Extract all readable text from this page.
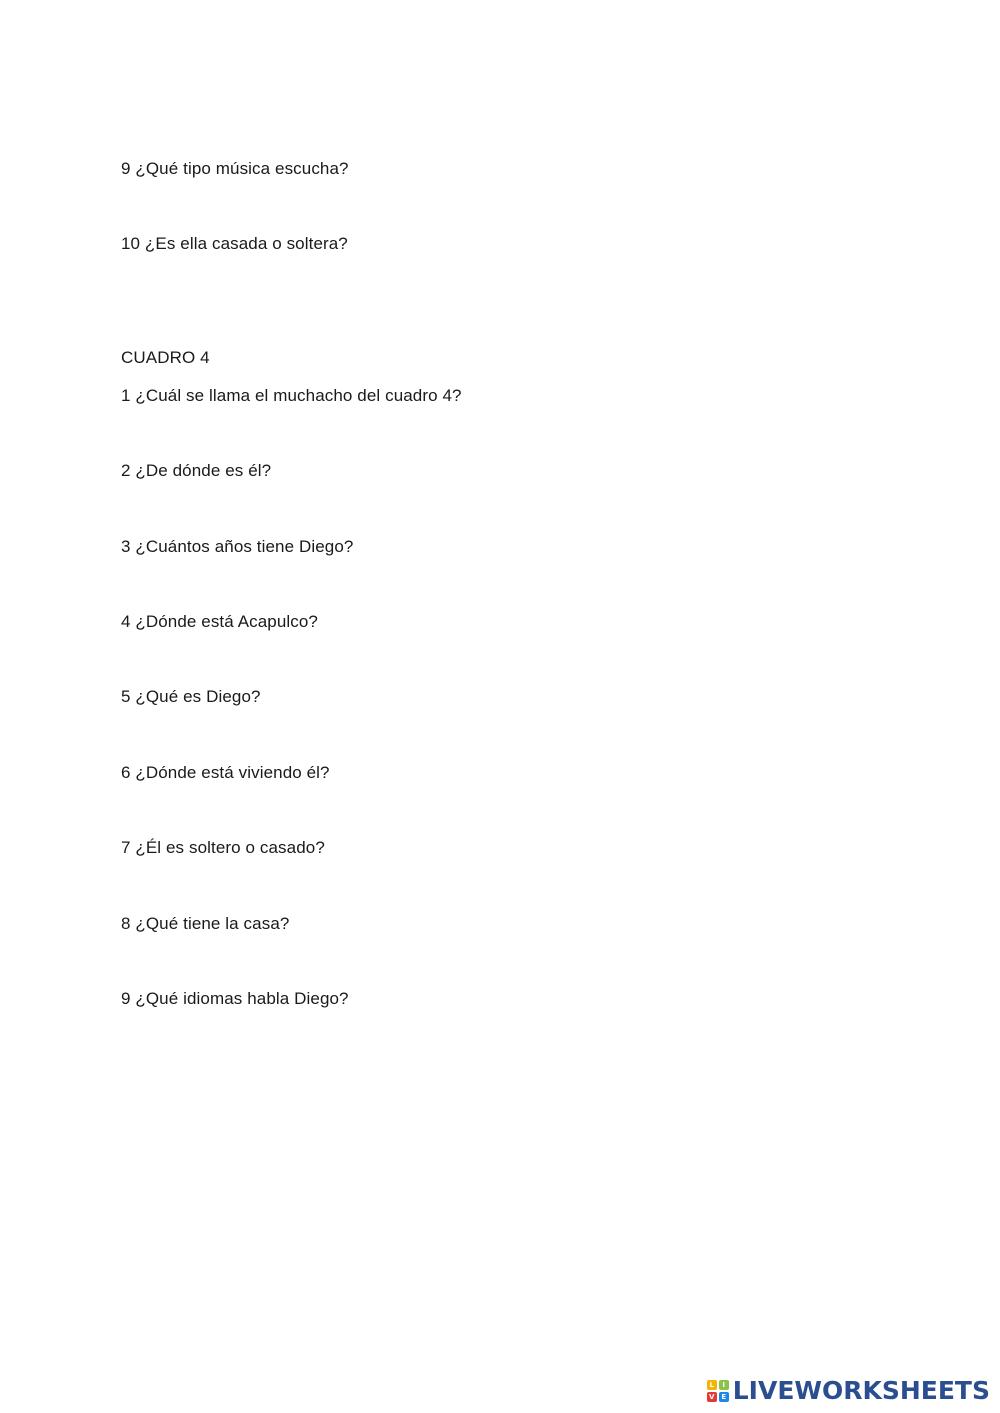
9 ¿Qué tipo música escucha?
10 ¿Es ella casada o soltera?
CUADRO 4
1 ¿Cuál se llama el muchacho del cuadro 4?
2 ¿De dónde es él?
3 ¿Cuántos años tiene Diego?
4 ¿Dónde está Acapulco?
5 ¿Qué es Diego?
6 ¿Dónde está viviendo él?
7 ¿Él es soltero o casado?
8 ¿Qué tiene la casa?
9 ¿Qué idiomas habla Diego?
L	I
V E LIVEWORKSHEETS
